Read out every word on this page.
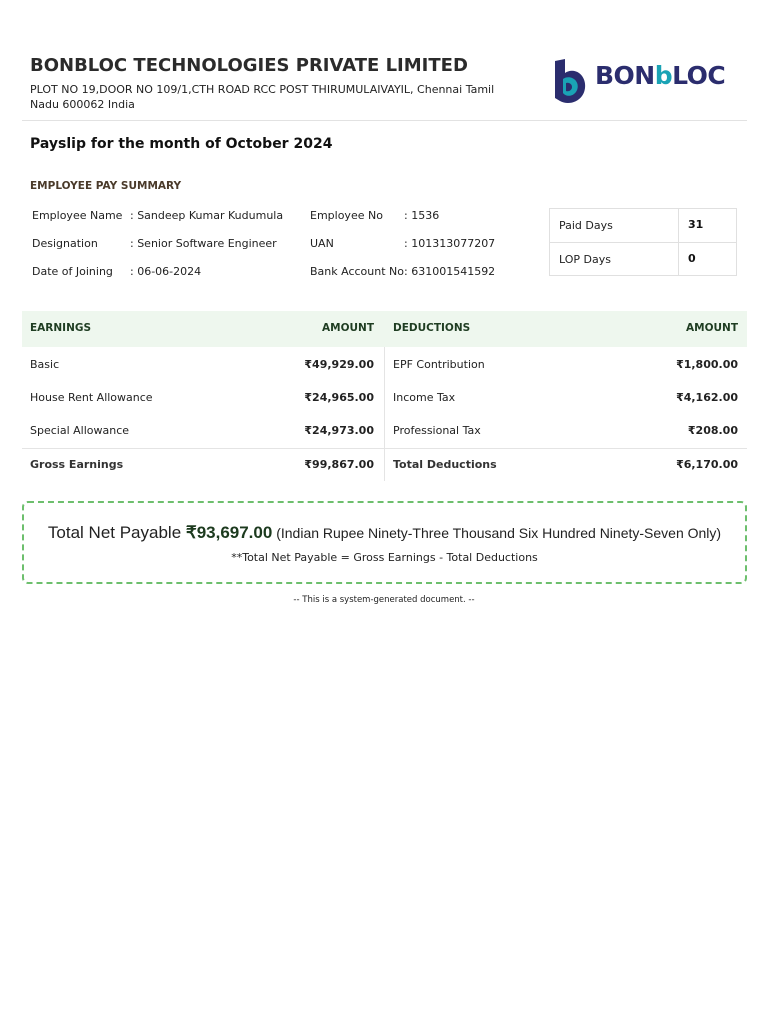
BONBLOC TECHNOLOGIES PRIVATE LIMITED
PLOT NO 19,DOOR NO 109/1,CTH ROAD RCC POST THIRUMULAIVAYIL, Chennai Tamil Nadu 600062 India
BONbLOC
Payslip for the month of October 2024
EMPLOYEE PAY SUMMARY
Employee Name : Sandeep Kumar Kudumula
Designation	: Senior Software Engineer
Date of Joining : 06-06-2024
Employee No : 1536
UAN	: 101313077207
Bank Account No : 631001541592
Paid Days	31
LOP Days	0
EARNINGS	AMOUNT DEDUCTIONS	AMOUNT
Basic	₹49,929.00 EPF Contribution	₹1,800.00
House Rent Allowance	₹24,965.00 Income Tax	₹4,162.00
Special Allowance	₹24,973.00 Professional Tax	₹208.00
Gross Earnings	₹99,867.00 Total Deductions	₹6,170.00
Total Net Payable ₹93,697.00 (Indian Rupee Ninety-Three Thousand Six Hundred Ninety-Seven Only)
**Total Net Payable = Gross Earnings - Total Deductions
-- This is a system-generated document. --
